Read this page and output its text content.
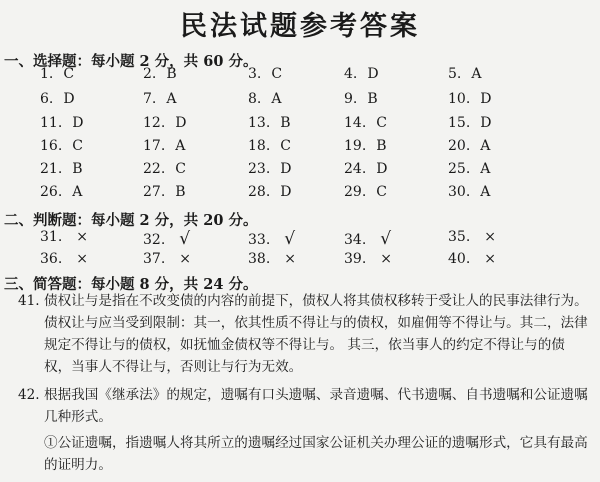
民法试题参考答案
一、选择题：每小题 2 分，共 60 分。
1. C	2. B	3. C	4. D	5. A
6. D	7. A	8. A	9. B	10. D
11. D	12. D	13. B	14. C	15. D
16. C	17. A	18. C	19. B	20. A
21. B	22. C	23. D	24. D	25. A
26. A	27. B	28. D	29. C	30. A
二、判断题：每小题 2 分，共 20 分。
31. ×	32. √	33. √	34. √	35. ×
36. ×	37. ×	38. ×	39. ×	40. ×
三、简答题：每小题 8 分，共 24 分。
41. 债权让与是指在不改变债的内容的前提下，债权人将其债权移转于受让人的民事法律行为。
债权让与应当受到限制：其一，依其性质不得让与的债权，如雇佣等不得让与。其二，法律
规定不得让与的债权，如抚恤金债权等不得让与。 其三，依当事人的约定不得让与的债
权，当事人不得让与，否则让与行为无效。
42. 根据我国《继承法》的规定，遗嘱有口头遗嘱、录音遗嘱、代书遗嘱、自书遗嘱和公证遗嘱
几种形式。
①公证遗嘱，指遗嘱人将其所立的遗嘱经过国家公证机关办理公证的遗嘱形式，它具有最高
的证明力。
